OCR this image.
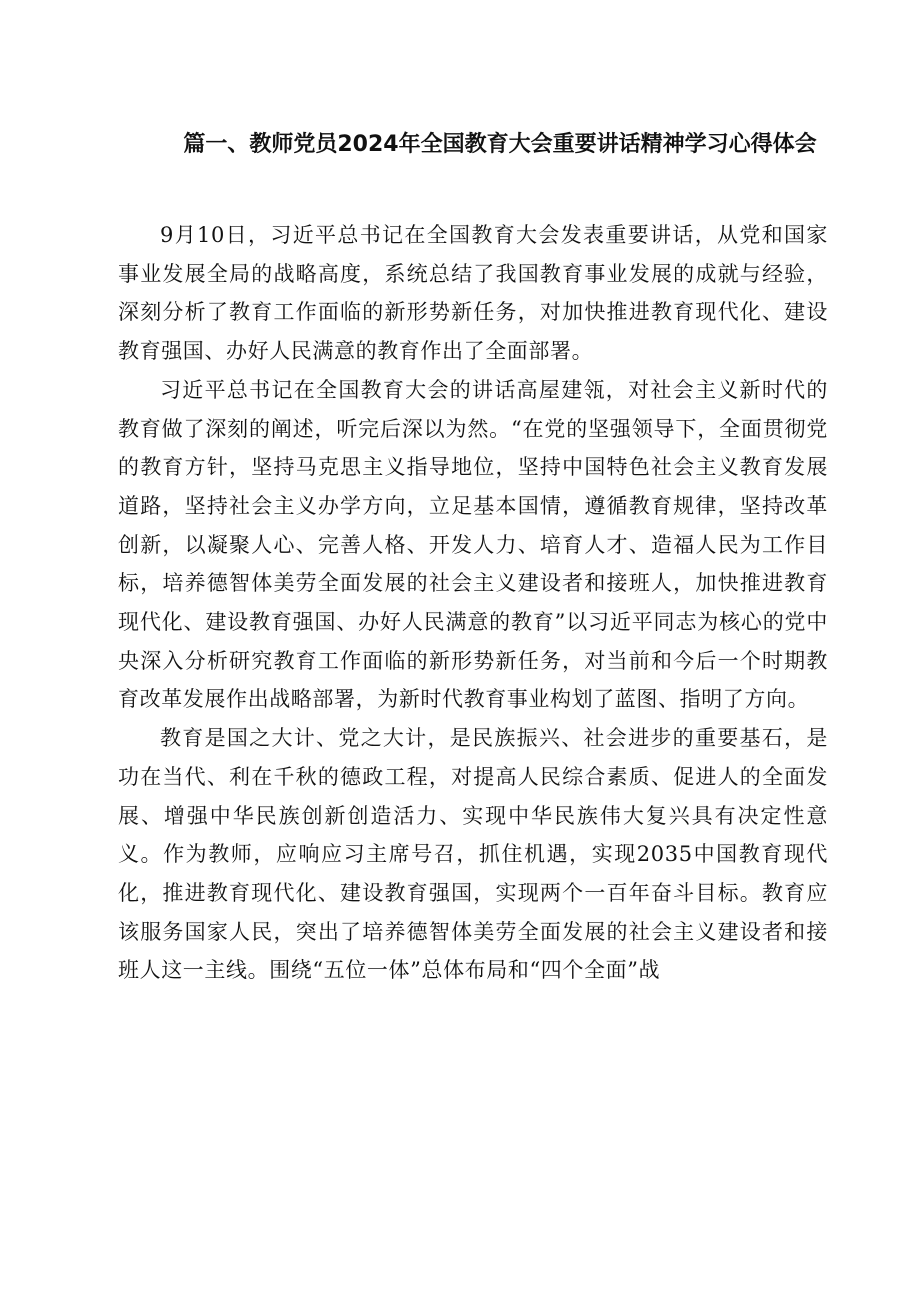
篇一、教师党员2024年全国教育大会重要讲话精神学习心得体会

9月10日，习近平总书记在全国教育大会发表重要讲话，从党和国家事业发展全局的战略高度，系统总结了我国教育事业发展的成就与经验，深刻分析了教育工作面临的新形势新任务，对加快推进教育现代化、建设教育强国、办好人民满意的教育作出了全面部署。

习近平总书记在全国教育大会的讲话高屋建瓴，对社会主义新时代的教育做了深刻的阐述，听完后深以为然。“在党的坚强领导下，全面贯彻党的教育方针，坚持马克思主义指导地位，坚持中国特色社会主义教育发展道路，坚持社会主义办学方向，立足基本国情，遵循教育规律，坚持改革创新，以凝聚人心、完善人格、开发人力、培育人才、造福人民为工作目标，培养德智体美劳全面发展的社会主义建设者和接班人，加快推进教育现代化、建设教育强国、办好人民满意的教育”以习近平同志为核心的党中央深入分析研究教育工作面临的新形势新任务，对当前和今后一个时期教育改革发展作出战略部署，为新时代教育事业构划了蓝图、指明了方向。

教育是国之大计、党之大计，是民族振兴、社会进步的重要基石，是功在当代、利在千秋的德政工程，对提高人民综合素质、促进人的全面发展、增强中华民族创新创造活力、实现中华民族伟大复兴具有决定性意义。作为教师，应响应习主席号召，抓住机遇，实现2035中国教育现代化，推进教育现代化、建设教育强国，实现两个一百年奋斗目标。教育应该服务国家人民，突出了培养德智体美劳全面发展的社会主义建设者和接班人这一主线。围绕“五位一体”总体布局和“四个全面”战
